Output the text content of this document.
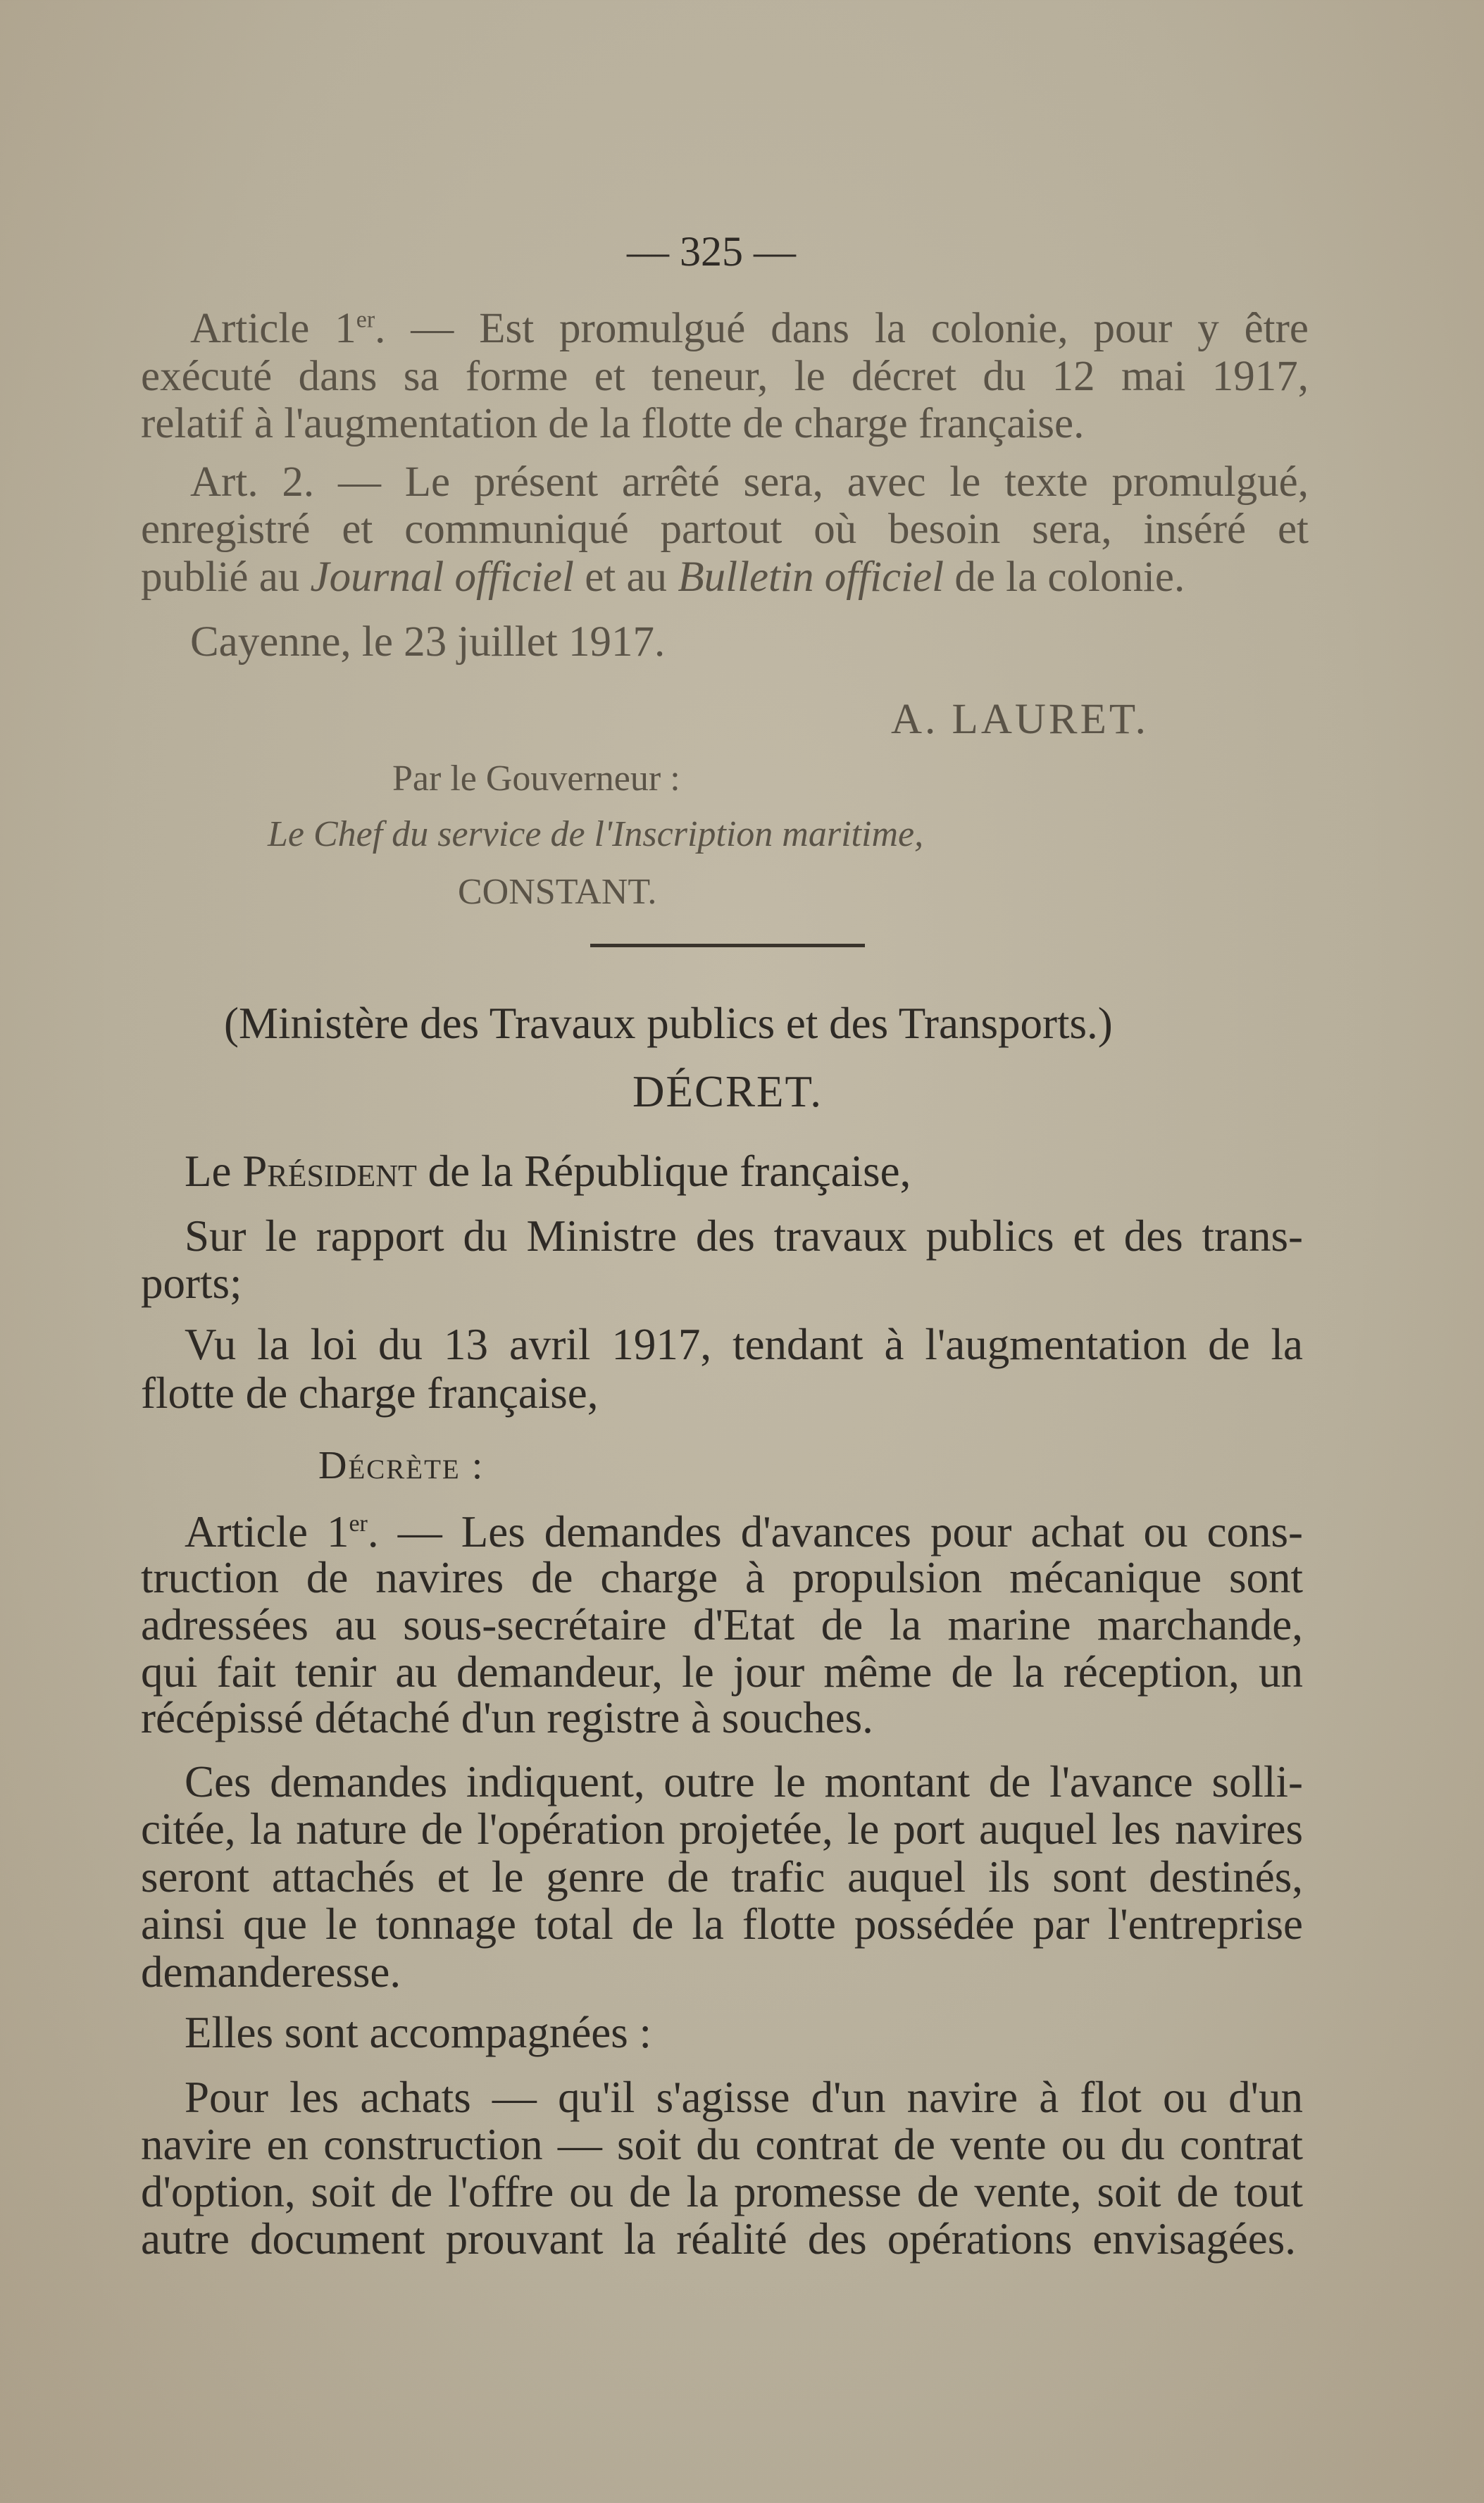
— 325 —
Article 1er. — Est promulgué dans la colonie, pour y être
exécuté dans sa forme et teneur, le décret du 12 mai 1917,
relatif à l'augmentation de la flotte de charge française.
Art. 2. — Le présent arrêté sera, avec le texte promulgué,
enregistré et communiqué partout où besoin sera, inséré et
publié au Journal officiel et au Bulletin officiel de la colonie.
Cayenne, le 23 juillet 1917.
A. LAURET.
Par le Gouverneur :
Le Chef du service de l'Inscription maritime,
CONSTANT.
(Ministère des Travaux publics et des Transports.)
DÉCRET.
Le Président de la République française,
Sur le rapport du Ministre des travaux publics et des trans-
ports;
Vu la loi du 13 avril 1917, tendant à l'augmentation de la
flotte de charge française,
Décrète :
Article 1er. — Les demandes d'avances pour achat ou cons-
truction de navires de charge à propulsion mécanique sont
adressées au sous-secrétaire d'Etat de la marine marchande,
qui fait tenir au demandeur, le jour même de la réception, un
récépissé détaché d'un registre à souches.
Ces demandes indiquent, outre le montant de l'avance solli-
citée, la nature de l'opération projetée, le port auquel les navires
seront attachés et le genre de trafic auquel ils sont destinés,
ainsi que le tonnage total de la flotte possédée par l'entreprise
demanderesse.
Elles sont accompagnées :
Pour les achats — qu'il s'agisse d'un navire à flot ou d'un
navire en construction — soit du contrat de vente ou du contrat
d'option, soit de l'offre ou de la promesse de vente, soit de tout
autre document prouvant la réalité des opérations envisagées.
